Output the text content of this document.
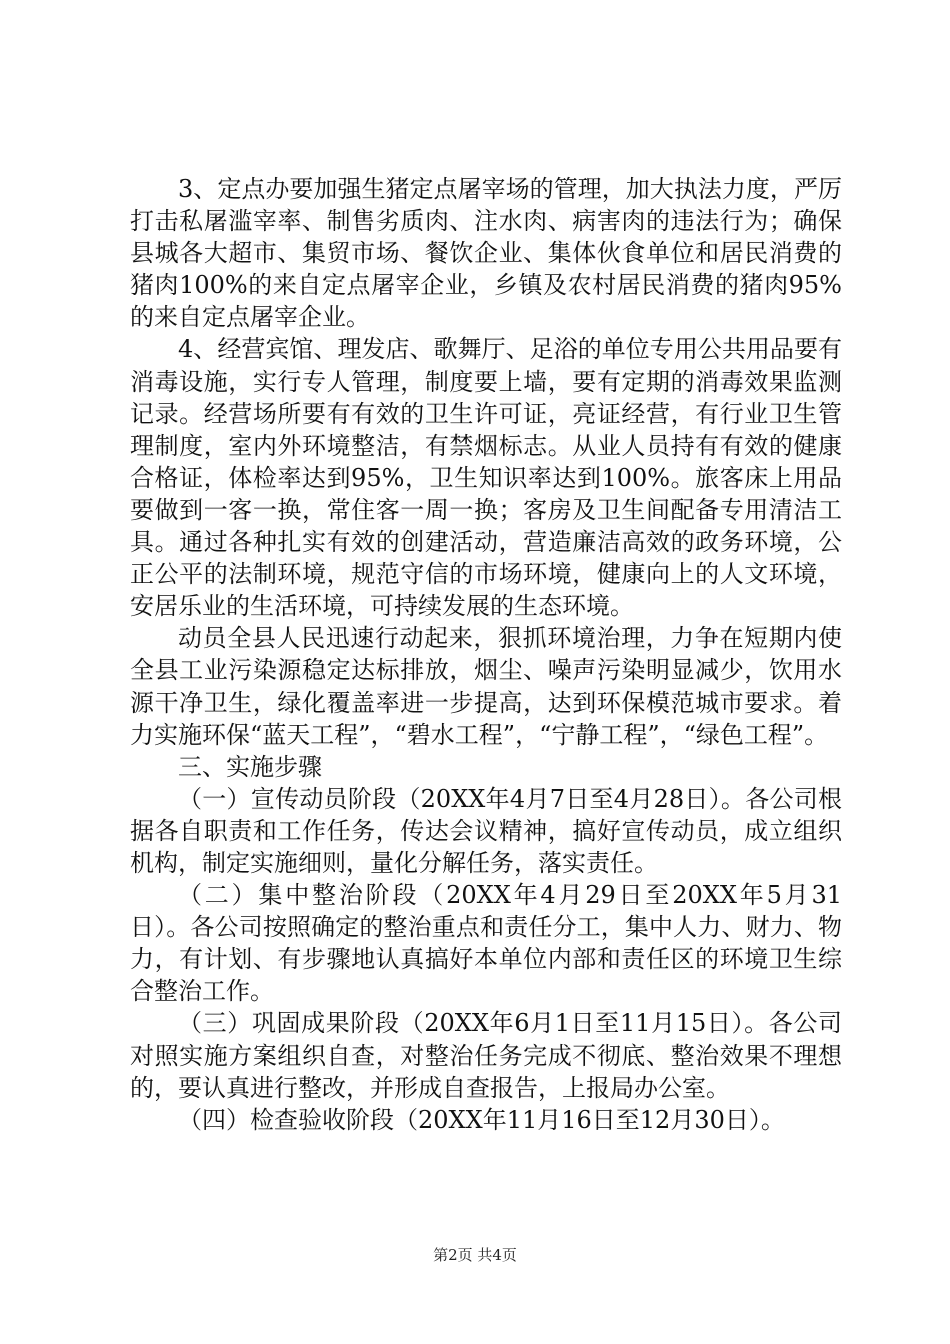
3、定点办要加强生猪定点屠宰场的管理，加大执法力度，严厉打击私屠滥宰率、制售劣质肉、注水肉、病害肉的违法行为；确保县城各大超市、集贸市场、餐饮企业、集体伙食单位和居民消费的猪肉100%的来自定点屠宰企业，乡镇及农村居民消费的猪肉95%的来自定点屠宰企业。

4、经营宾馆、理发店、歌舞厅、足浴的单位专用公共用品要有消毒设施，实行专人管理，制度要上墙，要有定期的消毒效果监测记录。经营场所要有有效的卫生许可证，亮证经营，有行业卫生管理制度，室内外环境整洁，有禁烟标志。从业人员持有有效的健康合格证，体检率达到95%，卫生知识率达到100%。旅客床上用品要做到一客一换，常住客一周一换；客房及卫生间配备专用清洁工具。通过各种扎实有效的创建活动，营造廉洁高效的政务环境，公正公平的法制环境，规范守信的市场环境，健康向上的人文环境，安居乐业的生活环境，可持续发展的生态环境。

动员全县人民迅速行动起来，狠抓环境治理，力争在短期内使全县工业污染源稳定达标排放，烟尘、噪声污染明显减少，饮用水源干净卫生，绿化覆盖率进一步提高，达到环保模范城市要求。着力实施环保“蓝天工程”，“碧水工程”，“宁静工程”，“绿色工程”。

三、实施步骤

（一）宣传动员阶段（20XX年4月7日至4月28日）。各公司根据各自职责和工作任务，传达会议精神，搞好宣传动员，成立组织机构，制定实施细则，量化分解任务，落实责任。

（二）集中整治阶段（20XX年4月29日至20XX年5月31日）。各公司按照确定的整治重点和责任分工，集中人力、财力、物力，有计划、有步骤地认真搞好本单位内部和责任区的环境卫生综合整治工作。

（三）巩固成果阶段（20XX年6月1日至11月15日）。各公司对照实施方案组织自查，对整治任务完成不彻底、整治效果不理想的，要认真进行整改，并形成自查报告，上报局办公室。

（四）检查验收阶段（20XX年11月16日至12月30日）。

第2页 共4页
